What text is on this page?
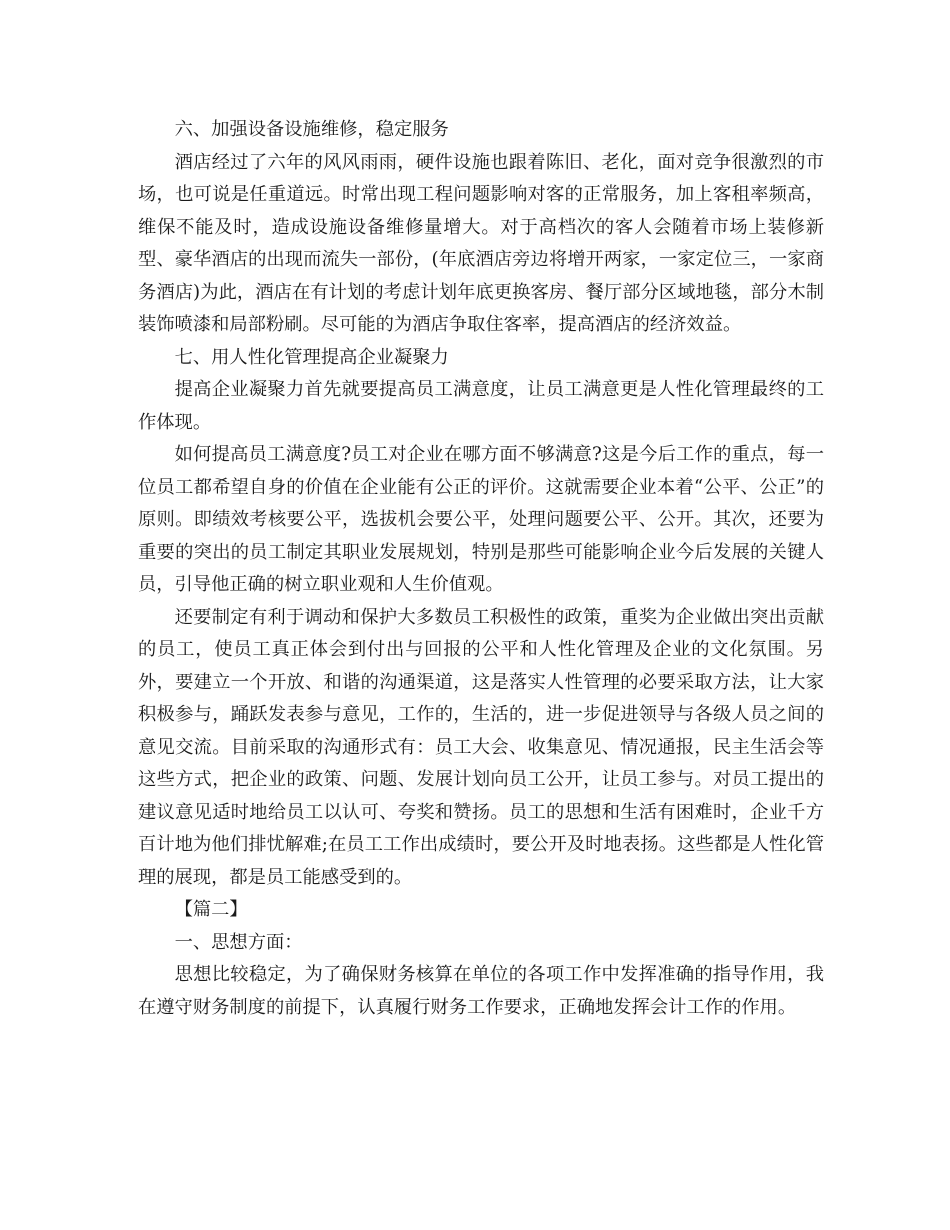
六、加强设备设施维修，稳定服务

酒店经过了六年的风风雨雨，硬件设施也跟着陈旧、老化，面对竞争很激烈的市场，也可说是任重道远。时常出现工程问题影响对客的正常服务，加上客租率频高，维保不能及时，造成设施设备维修量增大。对于高档次的客人会随着市场上装修新型、豪华酒店的出现而流失一部份，(年底酒店旁边将增开两家，一家定位三，一家商务酒店)为此，酒店在有计划的考虑计划年底更换客房、餐厅部分区域地毯，部分木制装饰喷漆和局部粉刷。尽可能的为酒店争取住客率，提高酒店的经济效益。

七、用人性化管理提高企业凝聚力

提高企业凝聚力首先就要提高员工满意度，让员工满意更是人性化管理最终的工作体现。

如何提高员工满意度?员工对企业在哪方面不够满意?这是今后工作的重点，每一位员工都希望自身的价值在企业能有公正的评价。这就需要企业本着“公平、公正”的原则。即绩效考核要公平，选拔机会要公平，处理问题要公平、公开。其次，还要为重要的突出的员工制定其职业发展规划，特别是那些可能影响企业今后发展的关键人员，引导他正确的树立职业观和人生价值观。

还要制定有利于调动和保护大多数员工积极性的政策，重奖为企业做出突出贡献的员工，使员工真正体会到付出与回报的公平和人性化管理及企业的文化氛围。另外，要建立一个开放、和谐的沟通渠道，这是落实人性管理的必要采取方法，让大家积极参与，踊跃发表参与意见，工作的，生活的，进一步促进领导与各级人员之间的意见交流。目前采取的沟通形式有：员工大会、收集意见、情况通报，民主生活会等这些方式，把企业的政策、问题、发展计划向员工公开，让员工参与。对员工提出的建议意见适时地给员工以认可、夸奖和赞扬。员工的思想和生活有困难时，企业千方百计地为他们排忧解难;在员工工作出成绩时，要公开及时地表扬。这些都是人性化管理的展现，都是员工能感受到的。

【篇二】

一、思想方面：

思想比较稳定，为了确保财务核算在单位的各项工作中发挥准确的指导作用，我在遵守财务制度的前提下，认真履行财务工作要求，正确地发挥会计工作的作用。
